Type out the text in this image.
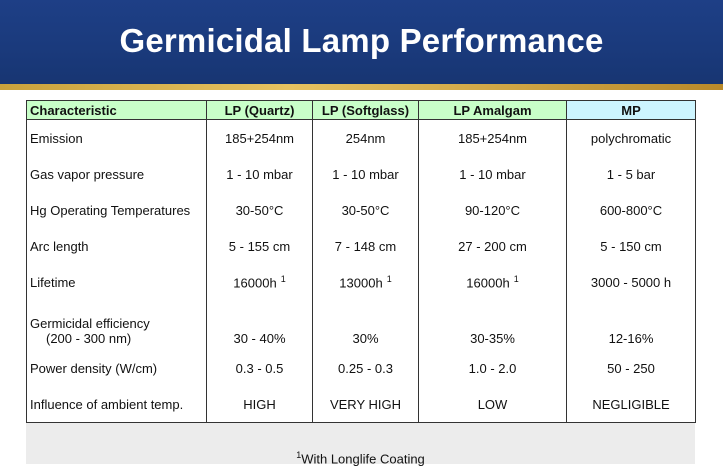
Germicidal Lamp Performance
Characteristic	LP (Quartz)	LP (Softglass)	LP Amalgam	MP
Emission	185+254nm	254nm	185+254nm	polychromatic
Gas vapor pressure	1 - 10 mbar	1 - 10 mbar	1 - 10 mbar	1 - 5 bar
Hg Operating Temperatures	30-50°C	30-50°C	90-120°C	600-800°C
Arc length	5 - 155 cm	7 - 148 cm	27 - 200 cm	5 - 150 cm
Lifetime	16000h $^1$	13000h $^1$	16000h $^1$	3000 - 5000 h
Germicidal efficiency
(200 - 300 nm)	30 - 40%	30%	30-35%	12-16%
Power density (W/cm)	0.3 - 0.5	0.25 - 0.3	1.0 - 2.0	50 - 250
Influence of ambient temp.	HIGH	VERY HIGH	LOW	NEGLIGIBLE
$^1$With Longlife Coating
